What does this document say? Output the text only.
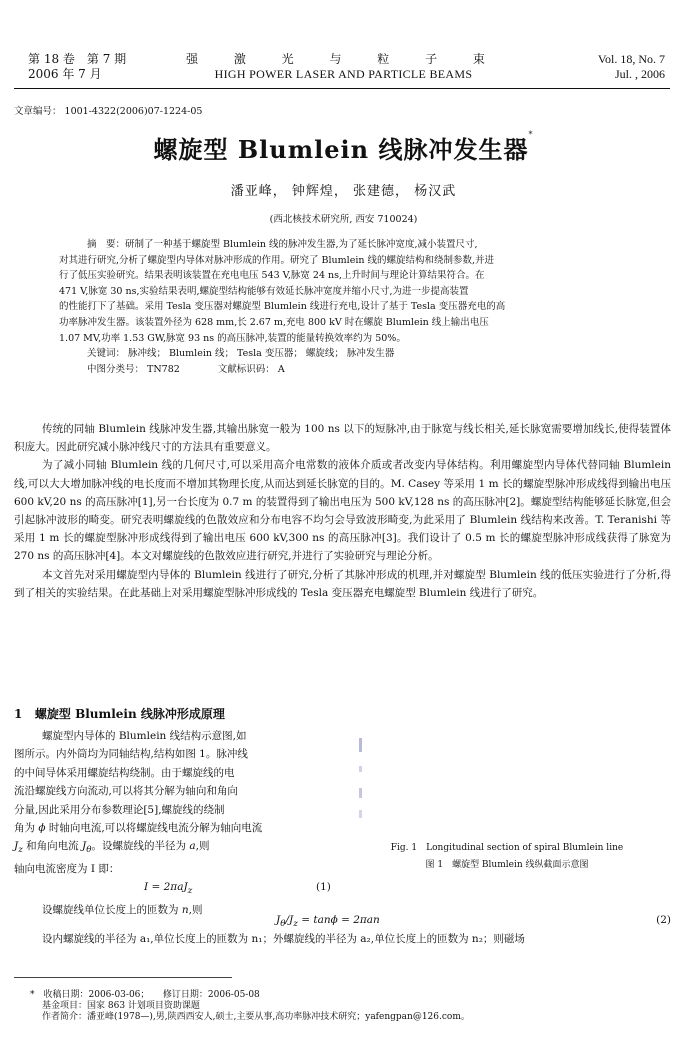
第 18 卷　第 7 期
2006 年 7 月
强 激 光 与 粒 子 束
HIGH POWER LASER AND PARTICLE BEAMS
Vol. 18, No. 7
Jul. , 2006
文章编号： 1001-4322(2006)07-1224-05
螺旋型 Blumlein 线脉冲发生器*
潘亚峰， 钟辉煌， 张建德， 杨汉武
(西北核技术研究所, 西安 710024)

摘　要：研制了一种基于螺旋型 Blumlein 线的脉冲发生器,为了延长脉冲宽度,减小装置尺寸,

对其进行研究,分析了螺旋型内导体对脉冲形成的作用。研究了 Blumlein 线的螺旋结构和绕制参数,并进

行了低压实验研究。结果表明该装置在充电电压 543 V,脉宽 24 ns,上升时间与理论计算结果符合。在

471 V,脉宽 30 ns,实验结果表明,螺旋型结构能够有效延长脉冲宽度并缩小尺寸,为进一步提高装置

的性能打下了基础。采用 Tesla 变压器对螺旋型 Blumlein 线进行充电,设计了基于 Tesla 变压器充电的高

功率脉冲发生器。该装置外径为 628 mm,长 2.67 m,充电 800 kV 时在螺旋 Blumlein 线上输出电压

1.07 MV,功率 1.53 GW,脉宽 93 ns 的高压脉冲,装置的能量转换效率约为 50%。

关键词： 脉冲线； Blumlein 线； Tesla 变压器； 螺旋线； 脉冲发生器

中图分类号： TN782　　　　文献标识码： A

传统的同轴 Blumlein 线脉冲发生器,其输出脉宽一般为 100 ns 以下的短脉冲,由于脉宽与线长相关,延长脉宽需要增加线长,使得装置体积庞大。因此研究减小脉冲线尺寸的方法具有重要意义。

为了减小同轴 Blumlein 线的几何尺寸,可以采用高介电常数的液体介质或者改变内导体结构。利用螺旋型内导体代替同轴 Blumlein 线,可以大大增加脉冲线的电长度而不增加其物理长度,从而达到延长脉宽的目的。M. Casey 等采用 1 m 长的螺旋型脉冲形成线得到输出电压 600 kV,20 ns 的高压脉冲[1],另一台长度为 0.7 m 的装置得到了输出电压为 500 kV,128 ns 的高压脉冲[2]。螺旋型结构能够延长脉宽,但会引起脉冲波形的畸变。研究表明螺旋线的色散效应和分布电容不均匀会导致波形畸变,为此采用了 Blumlein 线结构来改善。T. Teranishi 等采用 1 m 长的螺旋型脉冲形成线得到了输出电压 600 kV,300 ns 的高压脉冲[3]。我们设计了 0.5 m 长的螺旋型脉冲形成线获得了脉宽为 270 ns 的高压脉冲[4]。本文对螺旋线的色散效应进行研究,并进行了实验研究与理论分析。

本文首先对采用螺旋型内导体的 Blumlein 线进行了研究,分析了其脉冲形成的机理,并对螺旋型 Blumlein 线的低压实验进行了分析,得到了相关的实验结果。在此基础上对采用螺旋型脉冲形成线的 Tesla 变压器充电螺旋型 Blumlein 线进行了研究。

1 螺旋型 Blumlein 线脉冲形成原理

螺旋型内导体的 Blumlein 线结构示意图,如

图所示。内外筒均为同轴结构,结构如图 1。脉冲线

的中间导体采用螺旋结构绕制。由于螺旋线的电

流沿螺旋线方向流动,可以将其分解为轴向和角向

分量,因此采用分布参数理论[5],螺旋线的绕制

角为 ϕ 时轴向电流,可以将螺旋线电流分解为轴向电流

$J_z$ 和角向电流 $J_\theta$。设螺旋线的半径为 a,则

轴向电流密度为 I 即：

I = 2πaJ$_z$	(1)

设螺旋线单位长度上的匝数为 n,则

$J_\theta/J_z = \tan\phi = 2\pi an$	(2)
设内螺旋线的半径为 a₁,单位长度上的匝数为 n₁；外螺旋线的半径为 a₂,单位长度上的匝数为 n₂；则磁场
Fig. 1　Longitudinal section of spiral Blumlein line
图 1　螺旋型 Blumlein 线纵截面示意图

*　收稿日期：2006-03-06；　　修订日期：2006-05-08

基金项目：国家 863 计划项目资助课题

作者简介：潘亚峰(1978—),男,陕西西安人,硕士,主要从事,高功率脉冲技术研究；yafengpan@126.com。
